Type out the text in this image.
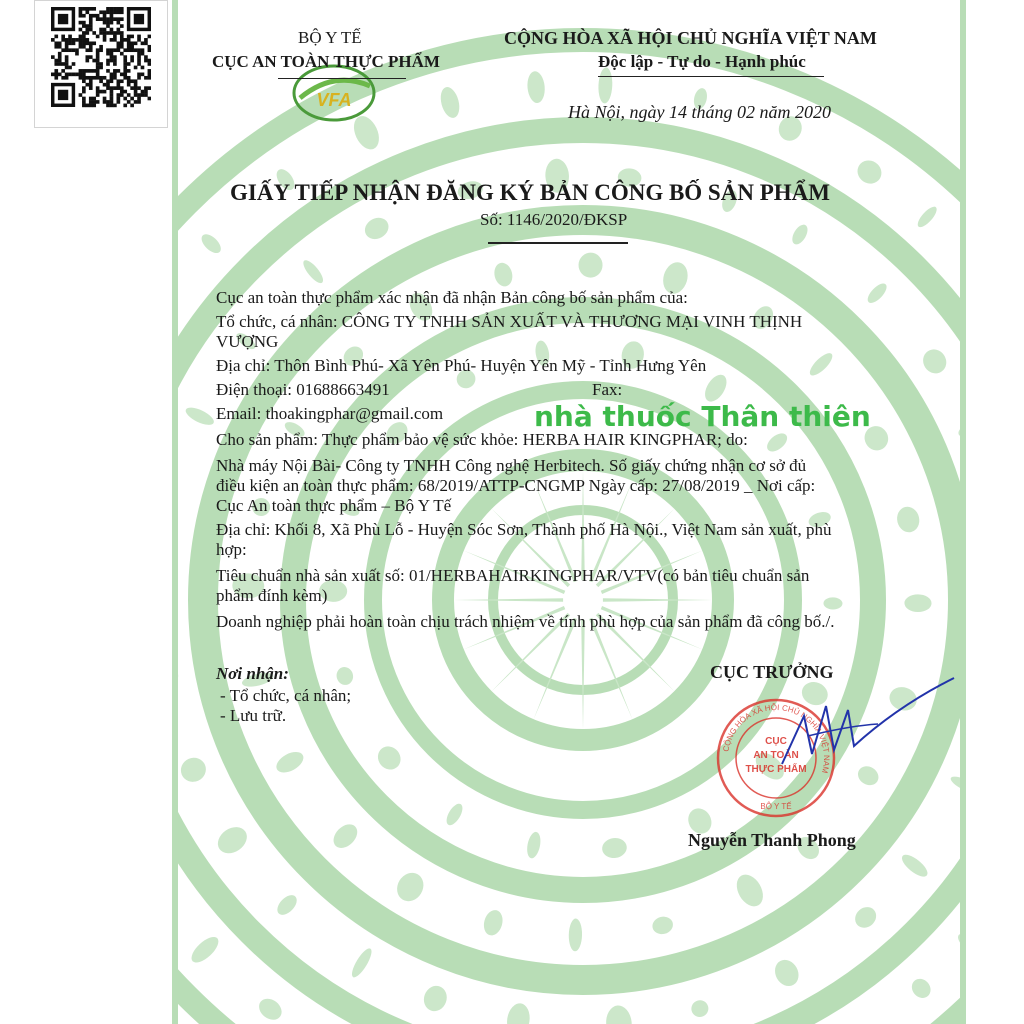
VFA
BỘ Y TẾ
CỤC AN TOÀN THỰC PHẨM
CỘNG HÒA XÃ HỘI CHỦ NGHĨA VIỆT NAM
Độc lập - Tự do - Hạnh phúc
Hà Nội, ngày 14 tháng 02 năm 2020
GIẤY TIẾP NHẬN ĐĂNG KÝ BẢN CÔNG BỐ SẢN PHẨM
Số: 1146/2020/ĐKSP
Cục an toàn thực phẩm xác nhận đã nhận Bản công bố sản phẩm của:
Tổ chức, cá nhân: CÔNG TY TNHH SẢN XUẤT VÀ THƯƠNG MẠI VINH THỊNH
VƯỢNG
Địa chỉ: Thôn Bình Phú- Xã Yên Phú- Huyện Yên Mỹ - Tỉnh Hưng Yên
Điện thoại: 01688663491	Fax:
Email: thoakingphar@gmail.com	nhà thuốc Thân thiên
Cho sản phẩm: Thực phẩm bảo vệ sức khỏe: HERBA HAIR KINGPHAR; do:
Nhà máy Nội Bài- Công ty TNHH Công nghệ Herbitech. Số giấy chứng nhận cơ sở đủ
điều kiện an toàn thực phẩm: 68/2019/ATTP-CNGMP Ngày cấp: 27/08/2019 _ Nơi cấp:
Cục An toàn thực phẩm – Bộ Y Tế
Địa chỉ: Khối 8, Xã Phù Lỗ - Huyện Sóc Sơn, Thành phố Hà Nội., Việt Nam sản xuất, phù
hợp:
Tiêu chuẩn nhà sản xuất số: 01/HERBAHAIRKINGPHAR/VTV(có bản tiêu chuẩn sản
phẩm đính kèm)
Doanh nghiệp phải hoàn toàn chịu trách nhiệm về tính phù hợp của sản phẩm đã công bố./.
Nơi nhận:
- Tổ chức, cá nhân;
- Lưu trữ.
CỤC TRƯỞNG
CỘNG HÒA XÃ HỘI CHỦ NGHĨA VIỆT NAM
CỤC
AN TOÀN
THỰC PHẨM
BỘ Y TẾ
Nguyễn Thanh Phong
